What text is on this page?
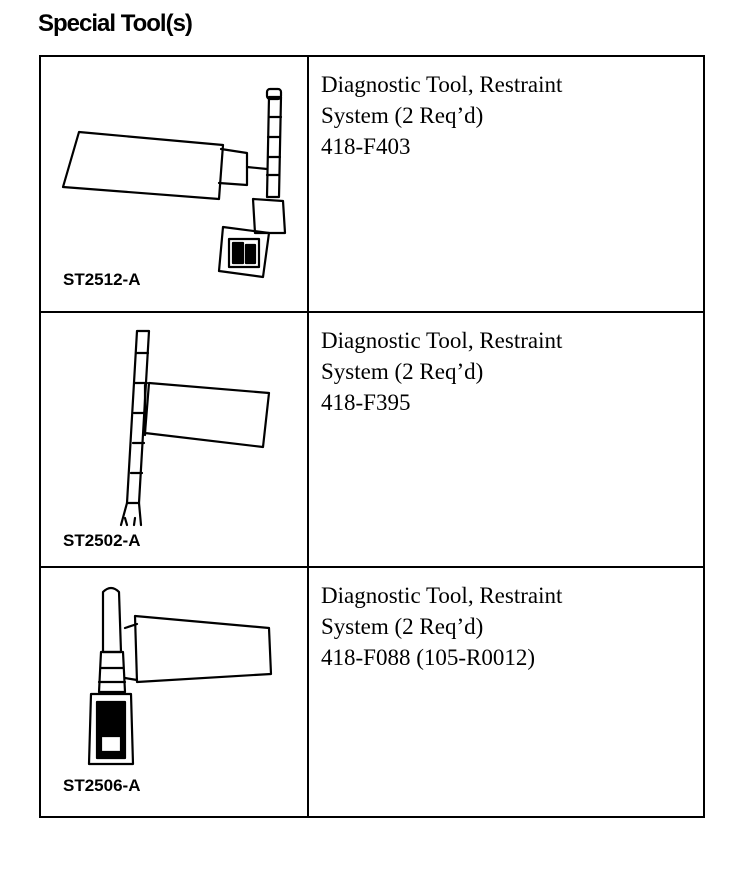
Special Tool(s)
ST2512-A
Diagnostic Tool, Restraint
System (2 Req’d)
418-F403
ST2502-A
Diagnostic Tool, Restraint
System (2 Req’d)
418-F395
ST2506-A
Diagnostic Tool, Restraint
System (2 Req’d)
418-F088 (105-R0012)
